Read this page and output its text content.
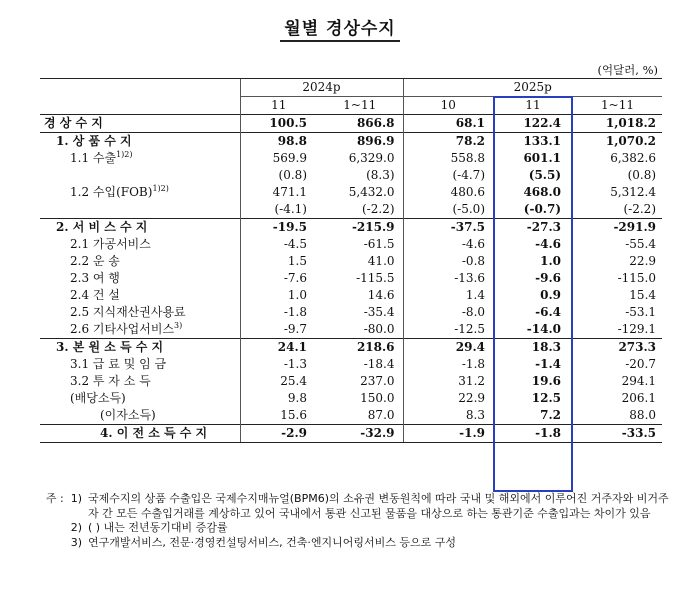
월별 경상수지
(억달러, %)
	2024p		2025p		
	11	1~11	10	11	1~11
경 상 수 지	100.5	866.8	68.1	122.4	1,018.2
1. 상 품 수 지	98.8	896.9	78.2	133.1	1,070.2
1.1 수출$^{1)2)}$	569.9	6,329.0	558.8	601.1	6,382.6
	(0.8)	(8.3)	(-4.7)	(5.5)	(0.8)
1.2 수입(FOB)$^{1)2)}$	471.1	5,432.0	480.6	468.0	5,312.4
	(-4.1)	(-2.2)	(-5.0)	(-0.7)	(-2.2)
2. 서 비 스 수 지	-19.5	-215.9	-37.5	-27.3	-291.9
2.1 가공서비스	-4.5	-61.5	-4.6	-4.6	-55.4
2.2 운 송	1.5	41.0	-0.8	1.0	22.9
2.3 여 행	-7.6	-115.5	-13.6	-9.6	-115.0
2.4 건 설	1.0	14.6	1.4	0.9	15.4
2.5 지식재산권사용료	-1.8	-35.4	-8.0	-6.4	-53.1
2.6 기타사업서비스$^{3)}$	-9.7	-80.0	-12.5	-14.0	-129.1
3. 본 원 소 득 수 지	24.1	218.6	29.4	18.3	273.3
3.1 급 료 및 임 금	-1.3	-18.4	-1.8	-1.4	-20.7
3.2 투 자 소 득	25.4	237.0	31.2	19.6	294.1
(배당소득)	9.8	150.0	22.9	12.5	206.1
(이자소득)	15.6	87.0	8.3	7.2	88.0
4. 이 전 소 득 수 지	-2.9	-32.9	-1.9	-1.8	-33.5
주 : 1) 국제수지의 상품 수출입은 국제수지매뉴얼(BPM6)의 소유권 변동원칙에 따라 국내 및 해외에서 이루어진 거주자와 비거주자 간 모든 수출입거래를 계상하고 있어 국내에서 통관 신고된 물품을 대상으로 하는 통관기준 수출입과는 차이가 있음
2) ( ) 내는 전년동기대비 증감률
3) 연구개발서비스, 전문·경영컨설팅서비스, 건축·엔지니어링서비스 등으로 구성
